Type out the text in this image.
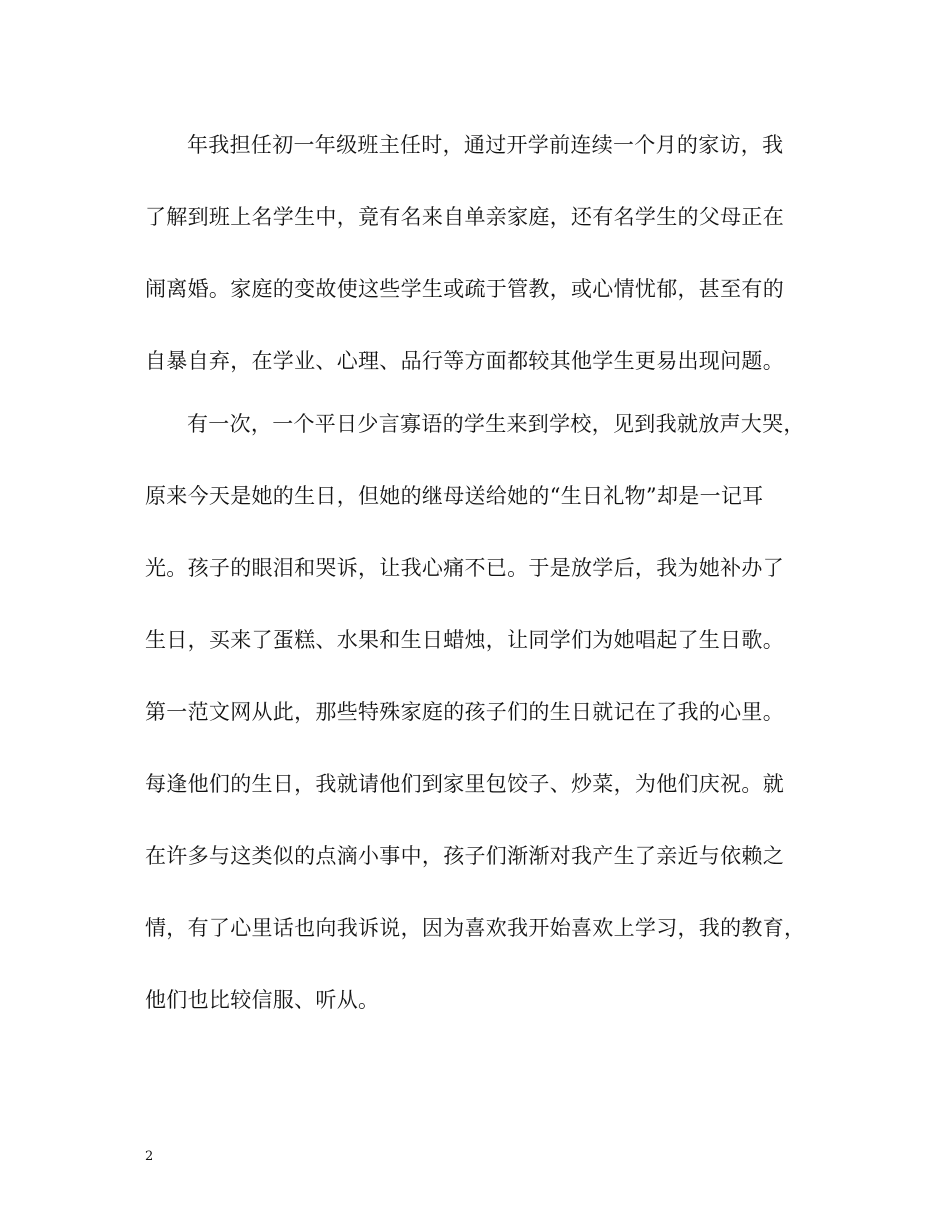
年我担任初一年级班主任时，通过开学前连续一个月的家访，我
了解到班上名学生中，竟有名来自单亲家庭，还有名学生的父母正在
闹离婚。家庭的变故使这些学生或疏于管教，或心情忧郁，甚至有的
自暴自弃，在学业、心理、品行等方面都较其他学生更易出现问题。
有一次，一个平日少言寡语的学生来到学校，见到我就放声大哭，
原来今天是她的生日，但她的继母送给她的“生日礼物”却是一记耳
光。孩子的眼泪和哭诉，让我心痛不已。于是放学后，我为她补办了
生日，买来了蛋糕、水果和生日蜡烛，让同学们为她唱起了生日歌。
第一范文网从此，那些特殊家庭的孩子们的生日就记在了我的心里。
每逢他们的生日，我就请他们到家里包饺子、炒菜，为他们庆祝。就
在许多与这类似的点滴小事中，孩子们渐渐对我产生了亲近与依赖之
情，有了心里话也向我诉说，因为喜欢我开始喜欢上学习，我的教育，
他们也比较信服、听从。
2
